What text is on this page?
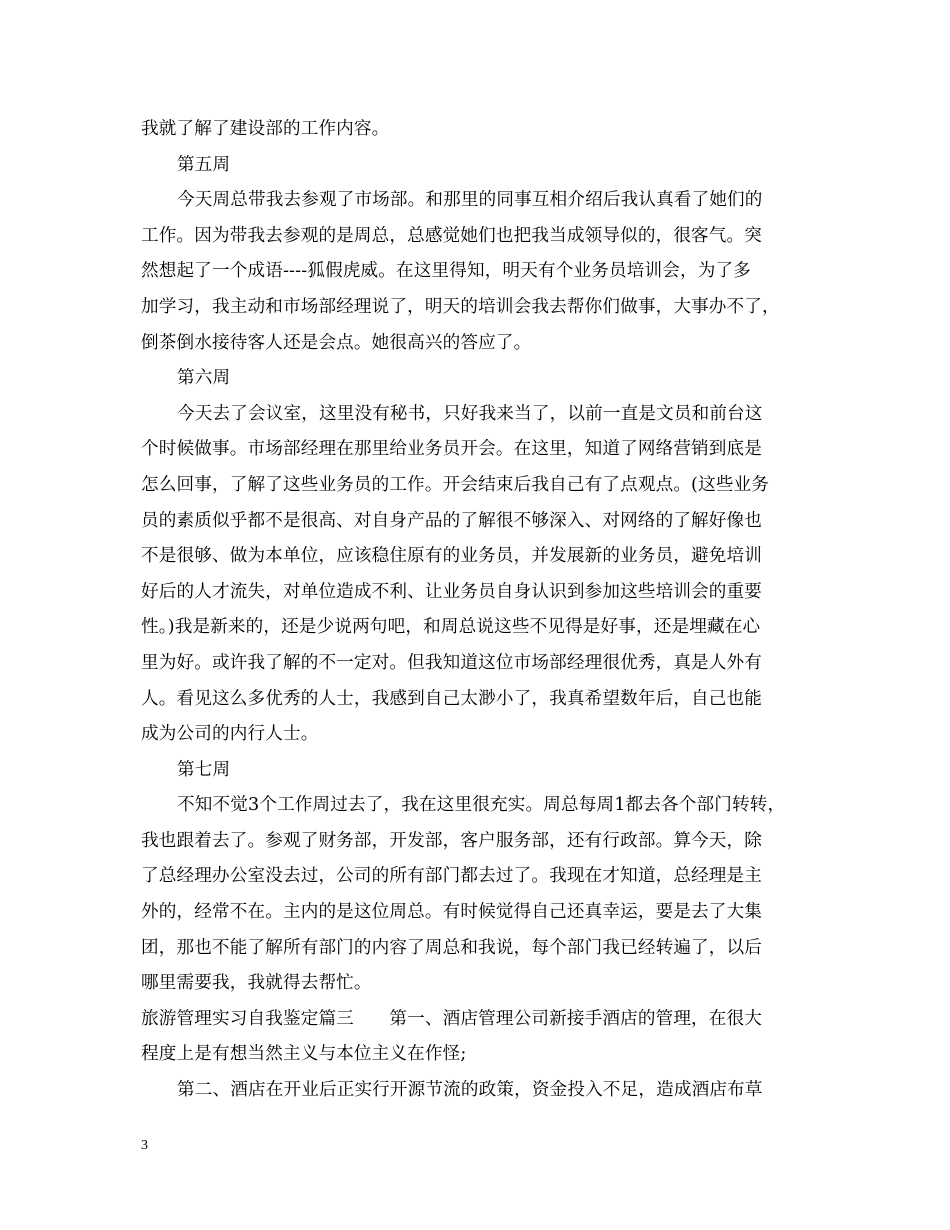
我就了解了建设部的工作内容。
第五周
今天周总带我去参观了市场部。和那里的同事互相介绍后我认真看了她们的
工作。因为带我去参观的是周总，总感觉她们也把我当成领导似的，很客气。突
然想起了一个成语----狐假虎威。在这里得知，明天有个业务员培训会，为了多
加学习，我主动和市场部经理说了，明天的培训会我去帮你们做事，大事办不了，
倒茶倒水接待客人还是会点。她很高兴的答应了。
第六周
今天去了会议室，这里没有秘书，只好我来当了，以前一直是文员和前台这
个时候做事。市场部经理在那里给业务员开会。在这里，知道了网络营销到底是
怎么回事，了解了这些业务员的工作。开会结束后我自己有了点观点。(这些业务
员的素质似乎都不是很高、对自身产品的了解很不够深入、对网络的了解好像也
不是很够、做为本单位，应该稳住原有的业务员，并发展新的业务员，避免培训
好后的人才流失，对单位造成不利、让业务员自身认识到参加这些培训会的重要
性。)我是新来的，还是少说两句吧，和周总说这些不见得是好事，还是埋藏在心
里为好。或许我了解的不一定对。但我知道这位市场部经理很优秀，真是人外有
人。看见这么多优秀的人士，我感到自己太渺小了，我真希望数年后，自己也能
成为公司的内行人士。
第七周
不知不觉3个工作周过去了，我在这里很充实。周总每周1都去各个部门转转，
我也跟着去了。参观了财务部，开发部，客户服务部，还有行政部。算今天，除
了总经理办公室没去过，公司的所有部门都去过了。我现在才知道，总经理是主
外的，经常不在。主内的是这位周总。有时候觉得自己还真幸运，要是去了大集
团，那也不能了解所有部门的内容了周总和我说，每个部门我已经转遍了，以后
哪里需要我，我就得去帮忙。
旅游管理实习自我鉴定篇三　　第一、酒店管理公司新接手酒店的管理，在很大
程度上是有想当然主义与本位主义在作怪;
第二、酒店在开业后正实行开源节流的政策，资金投入不足，造成酒店布草
3
